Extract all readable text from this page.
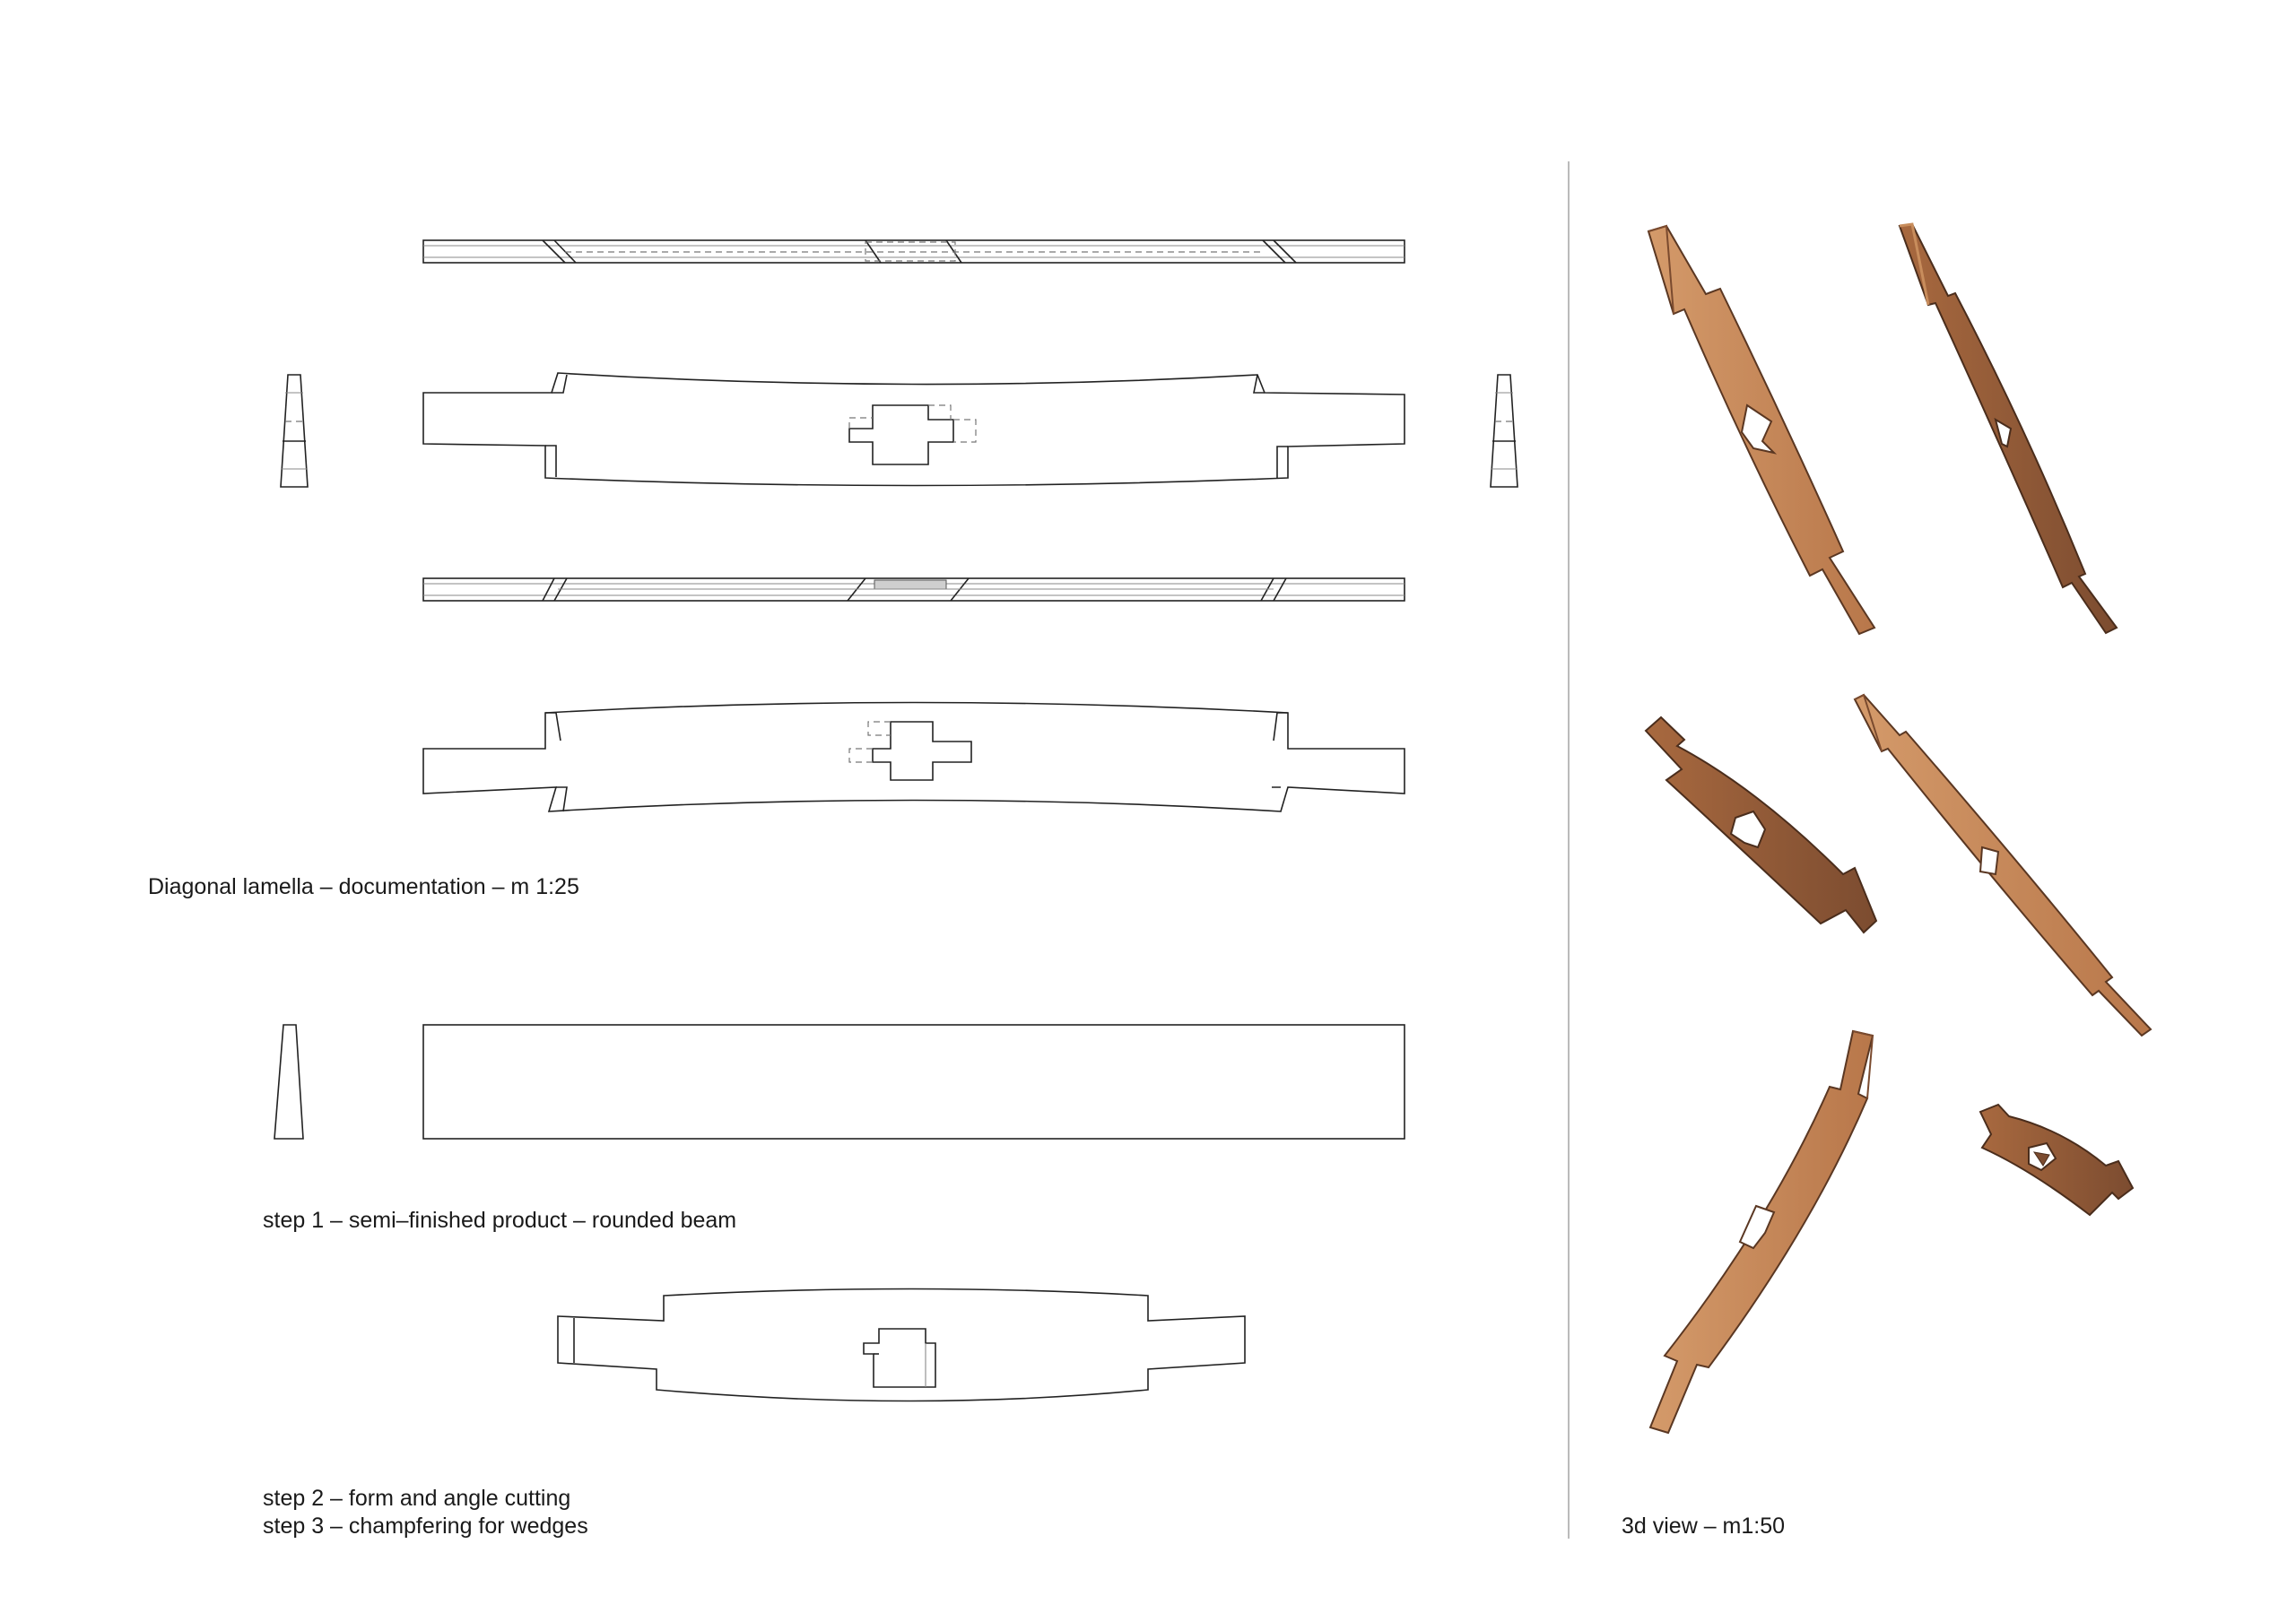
Diagonal lamella – documentation – m 1:25
step 1 – semi–finished product – rounded beam
step 2 – form and angle cutting
step 3 – champfering for wedges	3d view – m1:50
